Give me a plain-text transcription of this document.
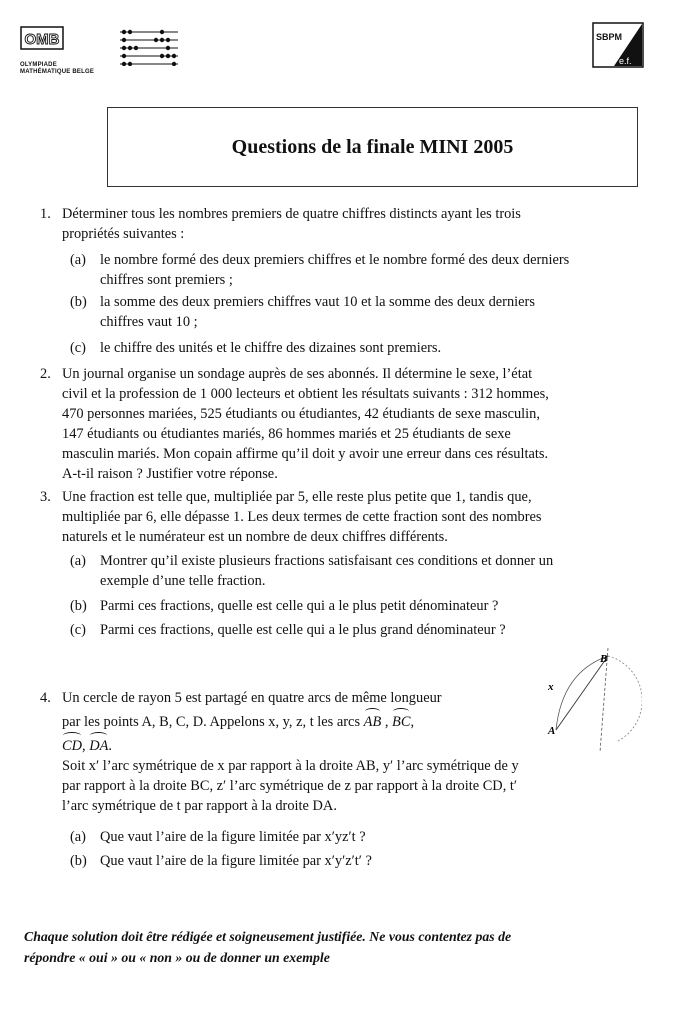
OMB
OLYMPIADE
MATHÉMATIQUE BELGE
SBPM
e.f.
Questions de la finale MINI 2005
1. Déterminer tous les nombres premiers de quatre chiffres distincts ayant les trois
propriétés suivantes :
(a) le nombre formé des deux premiers chiffres et le nombre formé des deux derniers
chiffres sont premiers ;
(b) la somme des deux premiers chiffres vaut 10 et la somme des deux derniers
chiffres vaut 10 ;
(c) le chiffre des unités et le chiffre des dizaines sont premiers.
2. Un journal organise un sondage auprès de ses abonnés. Il détermine le sexe, l’état
civil et la profession de 1 000 lecteurs et obtient les résultats suivants : 312 hommes,
470 personnes mariées, 525 étudiants ou étudiantes, 42 étudiants de sexe masculin,
147 étudiants ou étudiantes mariés, 86 hommes mariés et 25 étudiants de sexe
masculin mariés. Mon copain affirme qu’il doit y avoir une erreur dans ces résultats.
A-t-il raison ? Justifier votre réponse.
3. Une fraction est telle que, multipliée par 5, elle reste plus petite que 1, tandis que,
multipliée par 6, elle dépasse 1. Les deux termes de cette fraction sont des nombres
naturels et le numérateur est un nombre de deux chiffres différents.
(a) Montrer qu’il existe plusieurs fractions satisfaisant ces conditions et donner un
exemple d’une telle fraction.
(b) Parmi ces fractions, quelle est celle qui a le plus petit dénominateur ?
(c) Parmi ces fractions, quelle est celle qui a le plus grand dénominateur ?
4. Un cercle de rayon 5 est partagé en quatre arcs de même longueur
par les points A, B, C, D. Appelons x, y, z, t les arcs AB , BC,
CD, DA.
Soit x′ l’arc symétrique de x par rapport à la droite AB, y′ l’arc symétrique de y
par rapport à la droite BC, z′ l’arc symétrique de z par rapport à la droite CD, t′
l’arc symétrique de t par rapport à la droite DA.
(a) Que vaut l’aire de la figure limitée par x′yz′t ?
(b) Que vaut l’aire de la figure limitée par x′y′z′t′ ?
B
x
A
Chaque solution doit être rédigée et soigneusement justifiée. Ne vous contentez pas de
répondre « oui » ou « non » ou de donner un exemple
